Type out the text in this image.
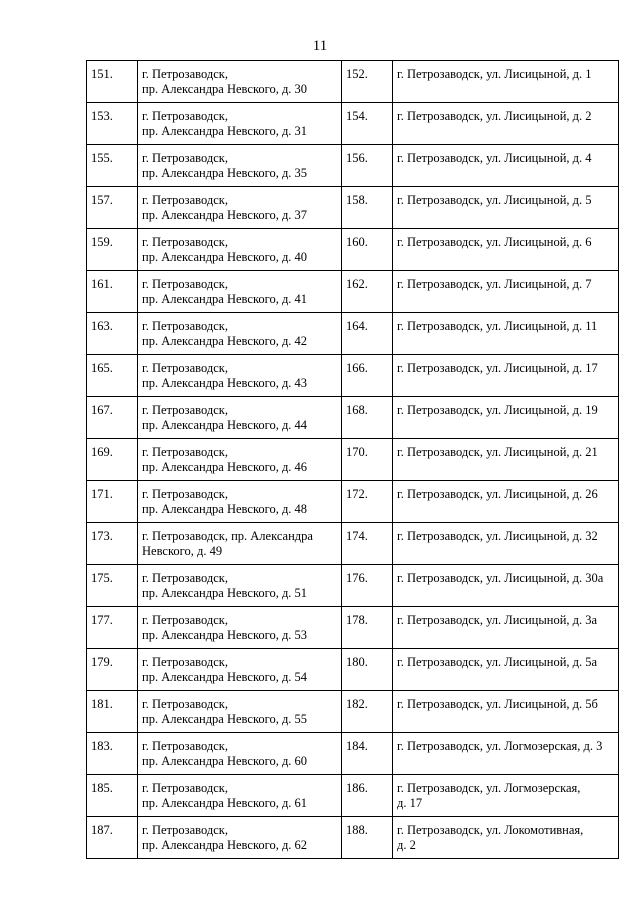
11
151.	г. Петрозаводск,
пр. Александра Невского, д. 30	152.	г. Петрозаводск, ул. Лисицыной, д. 1

153.	г. Петрозаводск,
пр. Александра Невского, д. 31	154.	г. Петрозаводск, ул. Лисицыной, д. 2

155.	г. Петрозаводск,
пр. Александра Невского, д. 35	156.	г. Петрозаводск, ул. Лисицыной, д. 4

157.	г. Петрозаводск,
пр. Александра Невского, д. 37	158.	г. Петрозаводск, ул. Лисицыной, д. 5

159.	г. Петрозаводск,
пр. Александра Невского, д. 40	160.	г. Петрозаводск, ул. Лисицыной, д. 6

161.	г. Петрозаводск,
пр. Александра Невского, д. 41	162.	г. Петрозаводск, ул. Лисицыной, д. 7

163.	г. Петрозаводск,
пр. Александра Невского, д. 42	164.	г. Петрозаводск, ул. Лисицыной, д. 11

165.	г. Петрозаводск,
пр. Александра Невского, д. 43	166.	г. Петрозаводск, ул. Лисицыной, д. 17

167.	г. Петрозаводск,
пр. Александра Невского, д. 44	168.	г. Петрозаводск, ул. Лисицыной, д. 19

169.	г. Петрозаводск,
пр. Александра Невского, д. 46	170.	г. Петрозаводск, ул. Лисицыной, д. 21

171.	г. Петрозаводск,
пр. Александра Невского, д. 48	172.	г. Петрозаводск, ул. Лисицыной, д. 26

173.	г. Петрозаводск, пр. Александра
Невского, д. 49	174.	г. Петрозаводск, ул. Лисицыной, д. 32

175.	г. Петрозаводск,
пр. Александра Невского, д. 51	176.	г. Петрозаводск, ул. Лисицыной, д. 30а

177.	г. Петрозаводск,
пр. Александра Невского, д. 53	178.	г. Петрозаводск, ул. Лисицыной, д. 3а

179.	г. Петрозаводск,
пр. Александра Невского, д. 54	180.	г. Петрозаводск, ул. Лисицыной, д. 5а

181.	г. Петрозаводск,
пр. Александра Невского, д. 55	182.	г. Петрозаводск, ул. Лисицыной, д. 5б

183.	г. Петрозаводск,
пр. Александра Невского, д. 60	184.	г. Петрозаводск, ул. Логмозерская, д. 3

185.	г. Петрозаводск,
пр. Александра Невского, д. 61	186.	г. Петрозаводск, ул. Логмозерская,
д. 17

187.	г. Петрозаводск,
пр. Александра Невского, д. 62	188.	г. Петрозаводск, ул. Локомотивная,
д. 2
